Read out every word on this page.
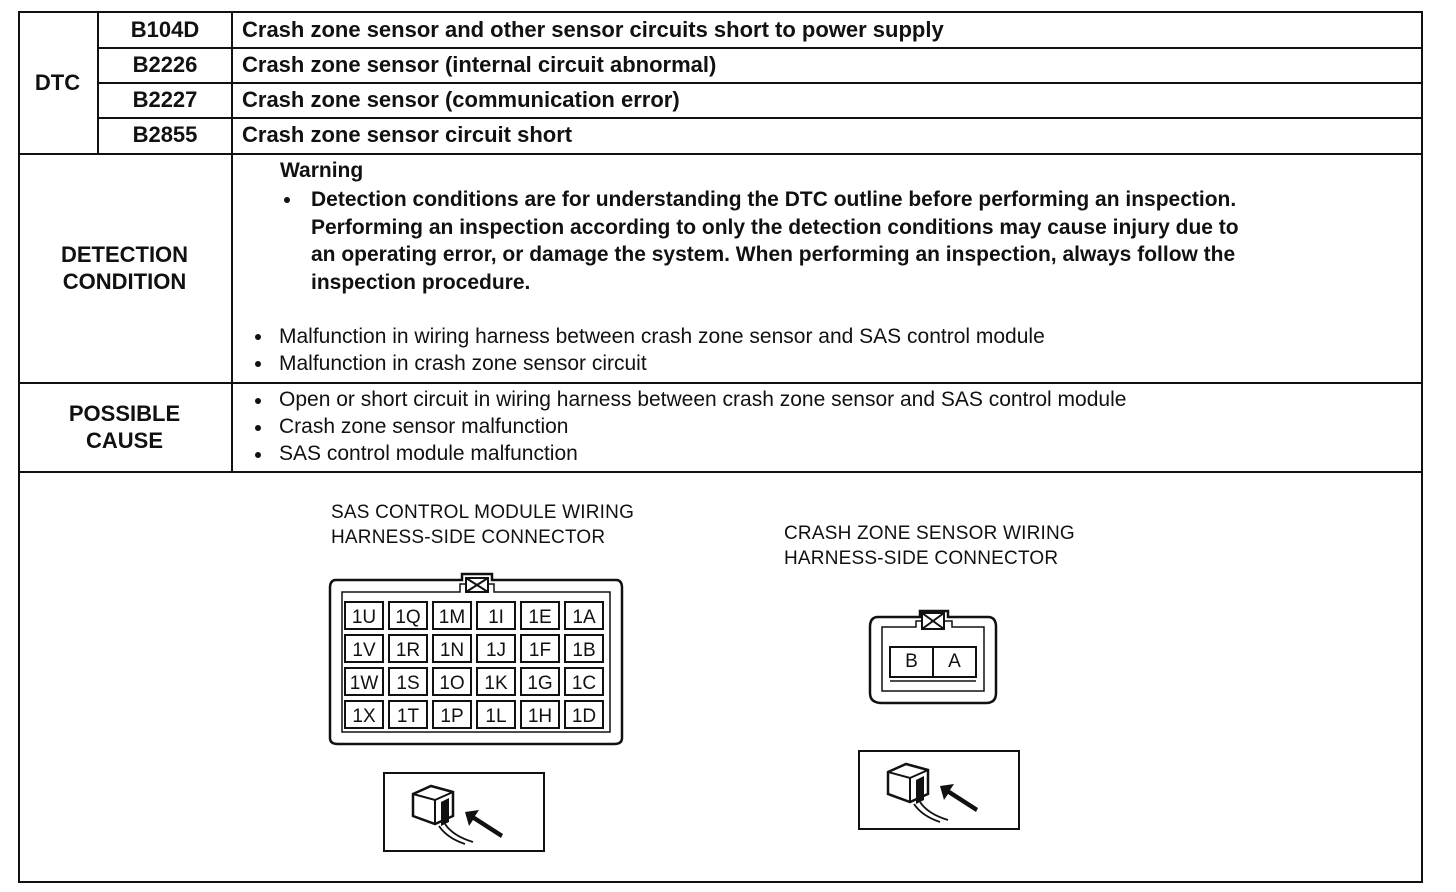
DTC
B104D	Crash zone sensor and other sensor circuits short to power supply
B2226	Crash zone sensor (internal circuit abnormal)
B2227	Crash zone sensor (communication error)
B2855	Crash zone sensor circuit short
DETECTION
CONDITION
Warning
Detection conditions are for understanding the DTC outline before performing an inspection.
Performing an inspection according to only the detection conditions may cause injury due to
an operating error, or damage the system. When performing an inspection, always follow the
inspection procedure.
Malfunction in wiring harness between crash zone sensor and SAS control module
Malfunction in crash zone sensor circuit
POSSIBLE
CAUSE
Open or short circuit in wiring harness between crash zone sensor and SAS control module
Crash zone sensor malfunction
SAS control module malfunction
SAS CONTROL MODULE WIRING
HARNESS-SIDE CONNECTOR	CRASH ZONE SENSOR WIRING
HARNESS-SIDE CONNECTOR
1U	1Q 1M	1I	1E	1A
1V	1R	1N	1J	1F	1B
1W 1S	1O	1K	1G	1C
1X	1T	1P	1L	1H	1D
B	A
